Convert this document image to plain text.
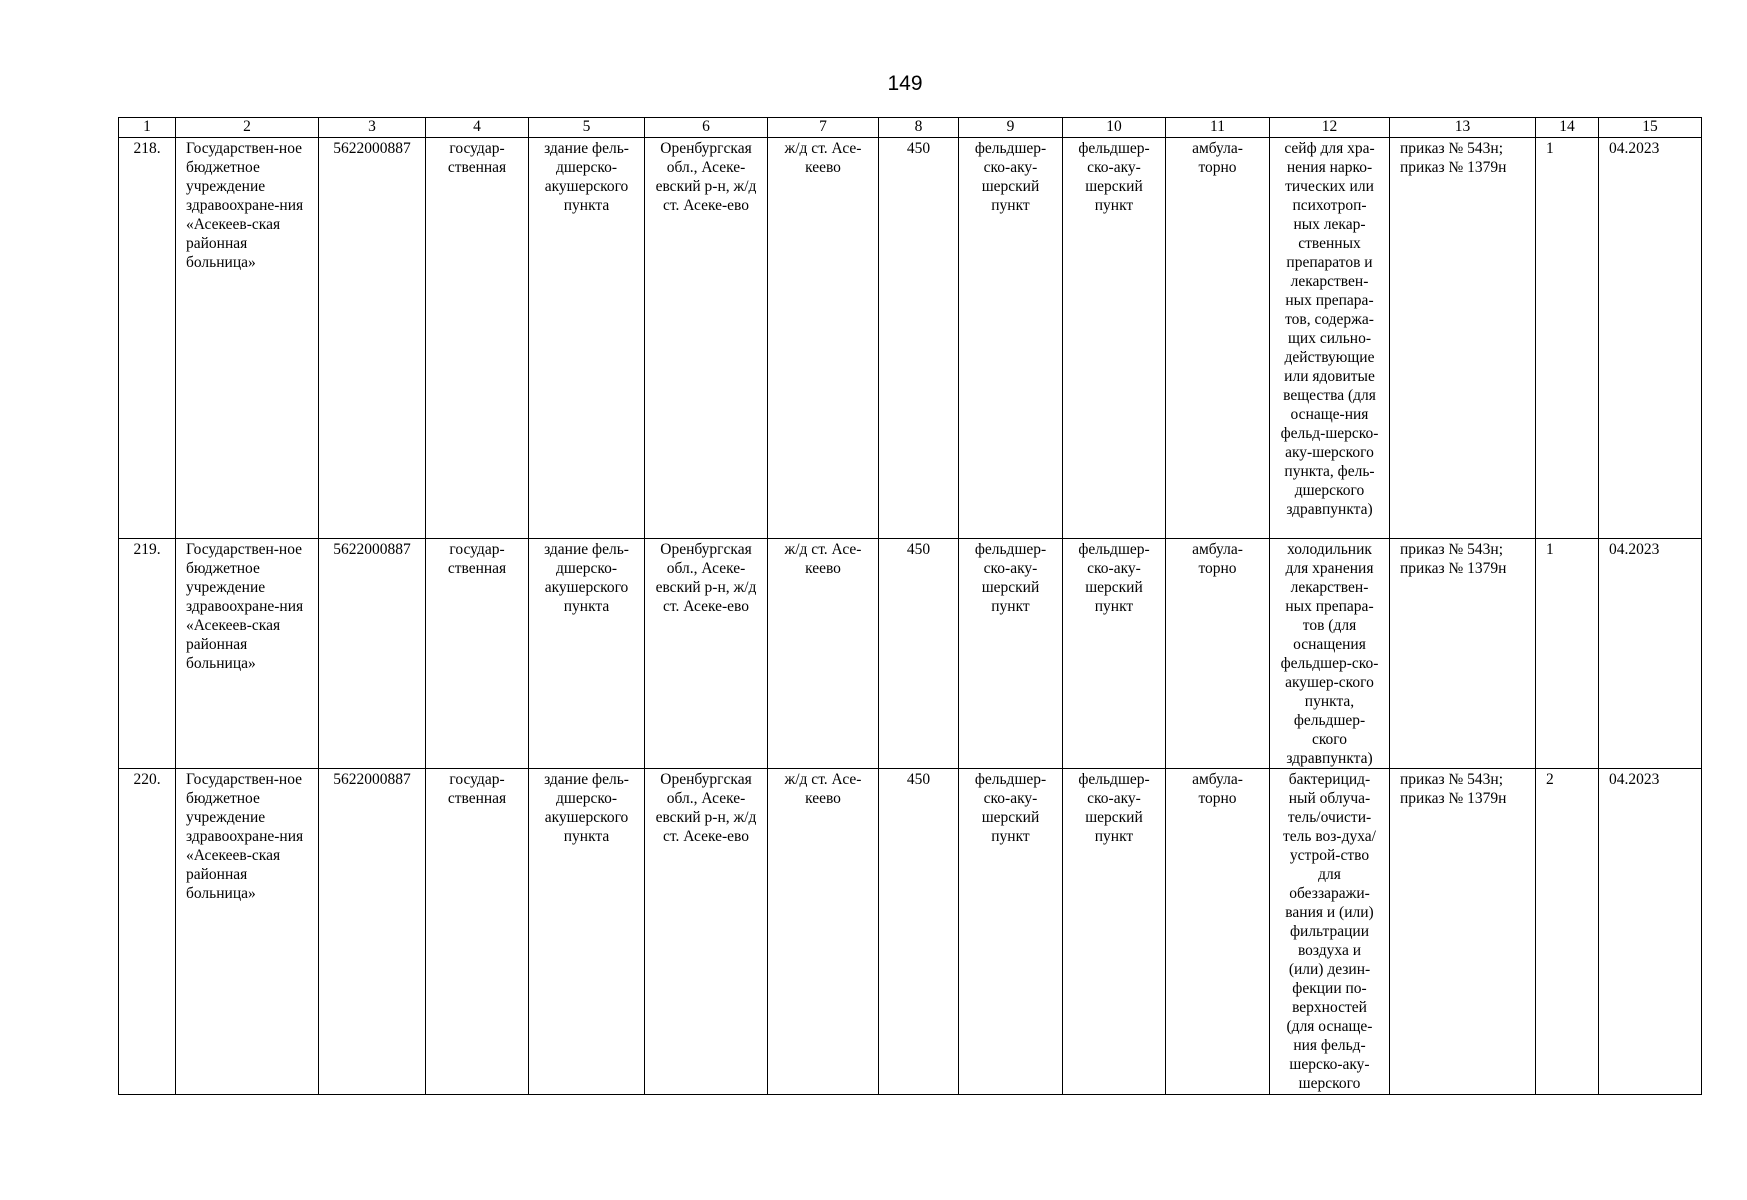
149
1	2	3	4	5	6	7	8	9	10	11	12	13	14	15
218.	Государствен-ное бюджетное учреждение здравоохране-ния «Асекеев-ская районная больница»	5622000887	государ-ственная	здание фель-дшерско-акушерского пункта	Оренбургская обл., Асеке-евский р-н, ж/д ст. Асеке-ево	ж/д ст. Асе-кеево	450	фельдшер-ско-аку-шерский пункт	фельдшер-ско-аку-шерский пункт	амбула-торно	сейф для хра-нения нарко-тических или психотроп-ных лекар-ственных препаратов и лекарствен-ных препара-тов, содержа-щих сильно-действующие или ядовитые вещества (для оснаще-ния фельд-шерско-аку-шерского пункта, фель-дшерского здравпункта)	приказ № 543н; приказ № 1379н	1	04.2023
219.	Государствен-ное бюджетное учреждение здравоохране-ния «Асекеев-ская районная больница»	5622000887	государ-ственная	здание фель-дшерско-акушерского пункта	Оренбургская обл., Асеке-евский р-н, ж/д ст. Асеке-ево	ж/д ст. Асе-кеево	450	фельдшер-ско-аку-шерский пункт	фельдшер-ско-аку-шерский пункт	амбула-торно	холодильник для хранения лекарствен-ных препара-тов (для оснащения фельдшер-ско-акушер-ского пункта, фельдшер-ского здравпункта)	приказ № 543н; приказ № 1379н	1	04.2023
220.	Государствен-ное бюджетное учреждение здравоохране-ния «Асекеев-ская районная больница»	5622000887	государ-ственная	здание фель-дшерско-акушерского пункта	Оренбургская обл., Асеке-евский р-н, ж/д ст. Асеке-ево	ж/д ст. Асе-кеево	450	фельдшер-ско-аку-шерский пункт	фельдшер-ско-аку-шерский пункт	амбула-торно	бактерицид-ный облуча-тель/очисти-тель воз-духа/устрой-ство для обеззаражи-вания и (или) фильтрации воздуха и (или) дезин-фекции по-верхностей (для оснаще-ния фельд-шерско-аку-шерского	приказ № 543н; приказ № 1379н	2	04.2023
